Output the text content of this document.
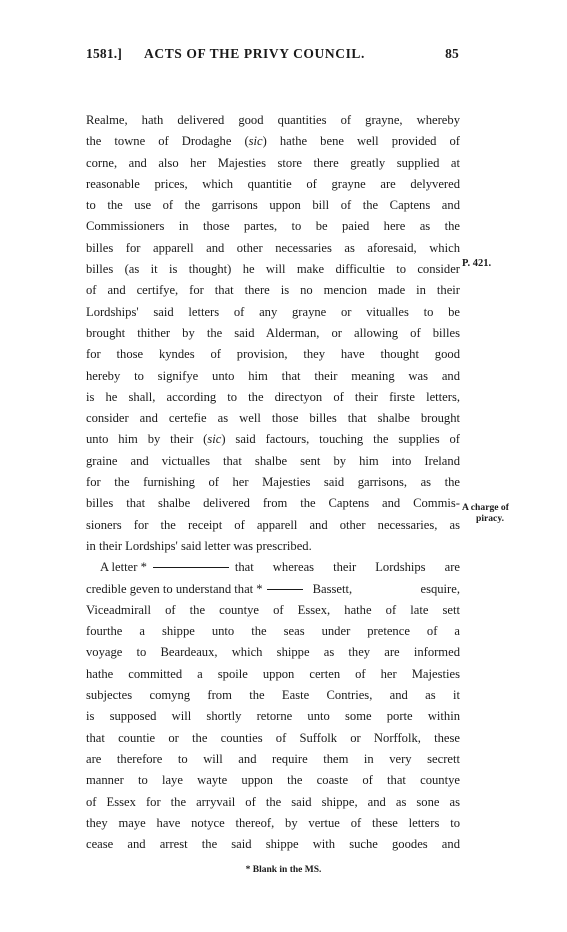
1581.] ACTS OF THE PRIVY COUNCIL.	85
Realme, hath delivered good quantities of grayne, whereby
the towne of Drodaghe (sic) hathe bene well provided of
corne, and also her Majesties store there greatly supplied at
reasonable prices, which quantitie of grayne are delyvered
to the use of the garrisons uppon bill of the Captens and
Commissioners in those partes, to be paied here as the
billes for apparell and other necessaries as aforesaid, which
billes (as it is thought) he will make difficultie to consider
of and certifye, for that there is no mencion made in their
Lordships' said letters of any grayne or vitualles to be
brought thither by the said Alderman, or allowing of billes
for those kyndes of provision, they have thought good
hereby to signifye unto him that their meaning was and
is he shall, according to the directyon of their firste letters,
consider and certefie as well those billes that shalbe brought
unto him by their (sic) said factours, touching the supplies of
graine and victualles that shalbe sent by him into Ireland
for the furnishing of her Majesties said garrisons, as the
billes that shalbe delivered from the Captens and Commis-
sioners for the receipt of apparell and other necessaries, as
in their Lordships' said letter was prescribed.
A letter *	that whereas their Lordships are
credible geven to understand that *	Bassett, esquire,
Viceadmirall of the countye of Essex, hathe of late sett
fourthe a shippe unto the seas under pretence of a
voyage to Beardeaux, which shippe as they are informed
hathe committed a spoile uppon certen of her Majesties
subjectes comyng from the Easte Contries, and as it
is supposed will shortly retorne unto some porte within
that countie or the counties of Suffolk or Norffolk, these
are therefore to will and require them in very secrett
manner to laye wayte uppon the coaste of that countye
of Essex for the arryvail of the said shippe, and as sone as
they maye have notyce thereof, by vertue of these letters to
cease and arrest the said shippe with suche goodes and
P. 421.
A charge of
piracy.
* Blank in the MS.
